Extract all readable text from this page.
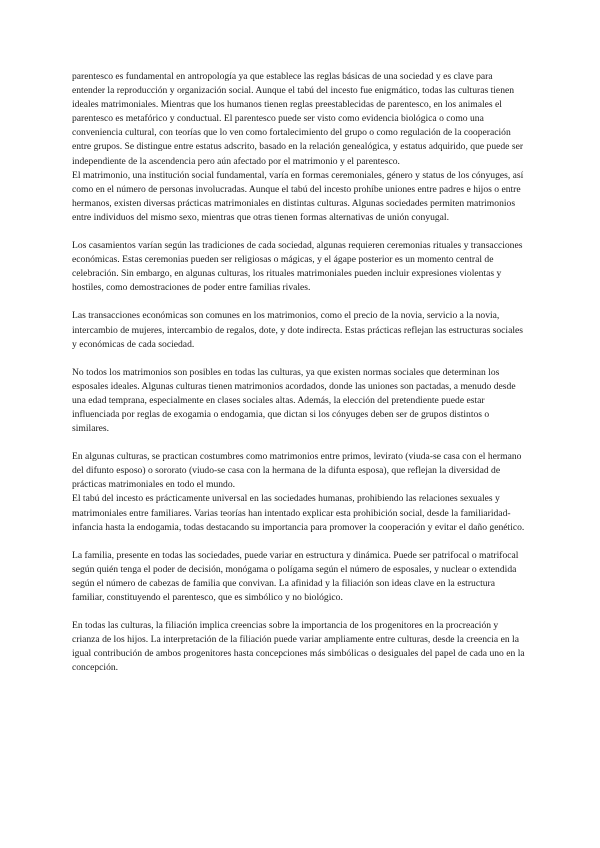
parentesco es fundamental en antropología ya que establece las reglas básicas de una sociedad y es clave para entender la reproducción y organización social. Aunque el tabú del incesto fue enigmático, todas las culturas tienen ideales matrimoniales. Mientras que los humanos tienen reglas preestablecidas de parentesco, en los animales el parentesco es metafórico y conductual. El parentesco puede ser visto como evidencia biológica o como una conveniencia cultural, con teorías que lo ven como fortalecimiento del grupo o como regulación de la cooperación entre grupos. Se distingue entre estatus adscrito, basado en la relación genealógica, y estatus adquirido, que puede ser independiente de la ascendencia pero aún afectado por el matrimonio y el parentesco.

El matrimonio, una institución social fundamental, varía en formas ceremoniales, género y status de los cónyuges, así como en el número de personas involucradas. Aunque el tabú del incesto prohíbe uniones entre padres e hijos o entre hermanos, existen diversas prácticas matrimoniales en distintas culturas. Algunas sociedades permiten matrimonios entre individuos del mismo sexo, mientras que otras tienen formas alternativas de unión conyugal.

Los casamientos varían según las tradiciones de cada sociedad, algunas requieren ceremonias rituales y transacciones económicas. Estas ceremonias pueden ser religiosas o mágicas, y el ágape posterior es un momento central de celebración. Sin embargo, en algunas culturas, los rituales matrimoniales pueden incluir expresiones violentas y hostiles, como demostraciones de poder entre familias rivales.

Las transacciones económicas son comunes en los matrimonios, como el precio de la novia, servicio a la novia, intercambio de mujeres, intercambio de regalos, dote, y dote indirecta. Estas prácticas reflejan las estructuras sociales y económicas de cada sociedad.

No todos los matrimonios son posibles en todas las culturas, ya que existen normas sociales que determinan los esposales ideales. Algunas culturas tienen matrimonios acordados, donde las uniones son pactadas, a menudo desde una edad temprana, especialmente en clases sociales altas. Además, la elección del pretendiente puede estar influenciada por reglas de exogamia o endogamia, que dictan si los cónyuges deben ser de grupos distintos o similares.

En algunas culturas, se practican costumbres como matrimonios entre primos, levirato (viuda-se casa con el hermano del difunto esposo) o sororato (viudo-se casa con la hermana de la difunta esposa), que reflejan la diversidad de prácticas matrimoniales en todo el mundo.

El tabú del incesto es prácticamente universal en las sociedades humanas, prohibiendo las relaciones sexuales y matrimoniales entre familiares. Varias teorías han intentado explicar esta prohibición social, desde la familiaridad-infancia hasta la endogamia, todas destacando su importancia para promover la cooperación y evitar el daño genético.

La familia, presente en todas las sociedades, puede variar en estructura y dinámica. Puede ser patrifocal o matrifocal según quién tenga el poder de decisión, monógama o polígama según el número de esposales, y nuclear o extendida según el número de cabezas de familia que convivan. La afinidad y la filiación son ideas clave en la estructura familiar, constituyendo el parentesco, que es simbólico y no biológico.

En todas las culturas, la filiación implica creencias sobre la importancia de los progenitores en la procreación y crianza de los hijos. La interpretación de la filiación puede variar ampliamente entre culturas, desde la creencia en la igual contribución de ambos progenitores hasta concepciones más simbólicas o desiguales del papel de cada uno en la concepción.
